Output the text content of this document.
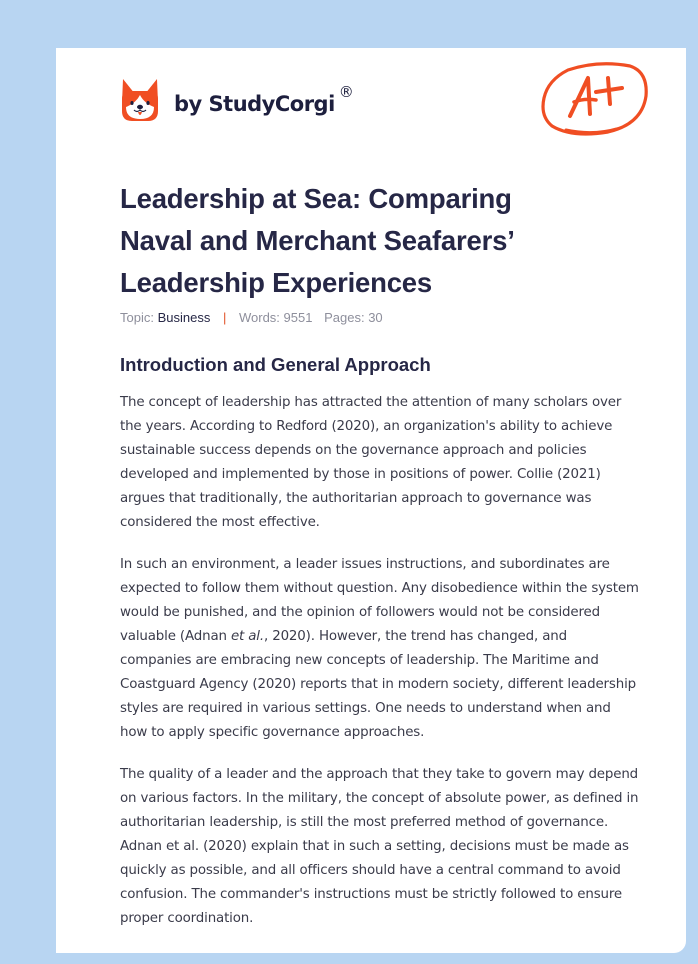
by StudyCorgi ®
Leadership at Sea: Comparing Naval and Merchant Seafarers’ Leadership Experiences
Topic: Business | Words: 9551 Pages: 30
Introduction and General Approach

The concept of leadership has attracted the attention of many scholars over the years. According to Redford (2020), an organization's ability to achieve sustainable success depends on the governance approach and policies developed and implemented by those in positions of power. Collie (2021) argues that traditionally, the authoritarian approach to governance was considered the most effective.

In such an environment, a leader issues instructions, and subordinates are expected to follow them without question. Any disobedience within the system would be punished, and the opinion of followers would not be considered valuable (Adnan et al., 2020). However, the trend has changed, and companies are embracing new concepts of leadership. The Maritime and Coastguard Agency (2020) reports that in modern society, different leadership styles are required in various settings. One needs to understand when and how to apply specific governance approaches.

The quality of a leader and the approach that they take to govern may depend on various factors. In the military, the concept of absolute power, as defined in authoritarian leadership, is still the most preferred method of governance. Adnan et al. (2020) explain that in such a setting, decisions must be made as quickly as possible, and all officers should have a central command to avoid confusion. The commander's instructions must be strictly followed to ensure proper coordination.
